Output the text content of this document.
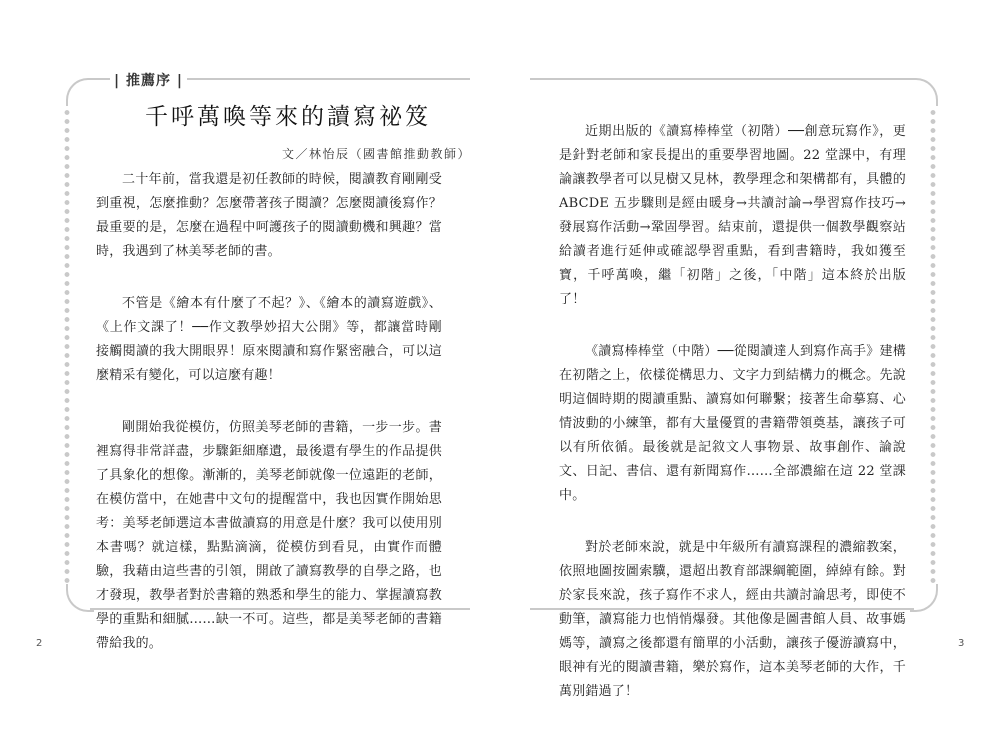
| 推薦序 |
千呼萬喚等來的讀寫祕笈
文／林怡辰（國書館推動教師）

二十年前，當我還是初任教師的時候，閱讀教育剛剛受到重視，怎麼推動？怎麼帶著孩子閱讀？怎麼閱讀後寫作？最重要的是，怎麼在過程中呵護孩子的閱讀動機和興趣？當時，我遇到了林美琴老師的書。

不管是《繪本有什麼了不起？》、《繪本的讀寫遊戲》、《上作文課了！──作文教學妙招大公開》等，都讓當時剛接觸閱讀的我大開眼界！原來閱讀和寫作緊密融合，可以這麼精采有變化，可以這麼有趣！

剛開始我從模仿，仿照美琴老師的書籍，一步一步。書裡寫得非常詳盡，步驟鉅細靡遺，最後還有學生的作品提供了具象化的想像。漸漸的，美琴老師就像一位遠距的老師，在模仿當中，在她書中文句的提醒當中，我也因實作開始思考：美琴老師選這本書做讀寫的用意是什麼？我可以使用別本書嗎？就這樣，點點滴滴，從模仿到看見，由實作而體驗，我藉由這些書的引領，開啟了讀寫教學的自學之路，也才發現，教學者對於書籍的熟悉和學生的能力、掌握讀寫教學的重點和細膩……缺一不可。這些，都是美琴老師的書籍帶給我的。

2

近期出版的《讀寫棒棒堂（初階）──創意玩寫作》，更是針對老師和家長提出的重要學習地圖。22 堂課中，有理論讓教學者可以見樹又見林，教學理念和架構都有，具體的 ABCDE 五步驟則是經由暖身→共讀討論→學習寫作技巧→發展寫作活動→鞏固學習。結束前，還提供一個教學觀察站給讀者進行延伸或確認學習重點，看到書籍時，我如獲至寶，千呼萬喚，繼「初階」之後，「中階」這本終於出版了！

《讀寫棒棒堂（中階）──從閱讀達人到寫作高手》建構在初階之上，依樣從構思力、文字力到結構力的概念。先說明這個時期的閱讀重點、讀寫如何聯繫；接著生命摹寫、心情波動的小練筆，都有大量優質的書籍帶領奠基，讓孩子可以有所依循。最後就是記敘文人事物景、故事創作、論說文、日記、書信、還有新聞寫作……全部濃縮在這 22 堂課中。

對於老師來說，就是中年級所有讀寫課程的濃縮教案，依照地圖按圖索驥，還超出教育部課綱範圍，綽綽有餘。對於家長來說，孩子寫作不求人，經由共讀討論思考，即使不動筆，讀寫能力也悄悄爆發。其他像是圖書館人員、故事媽媽等，讀寫之後都還有簡單的小活動，讓孩子優游讀寫中，眼神有光的閱讀書籍，樂於寫作，這本美琴老師的大作，千萬別錯過了！

3
